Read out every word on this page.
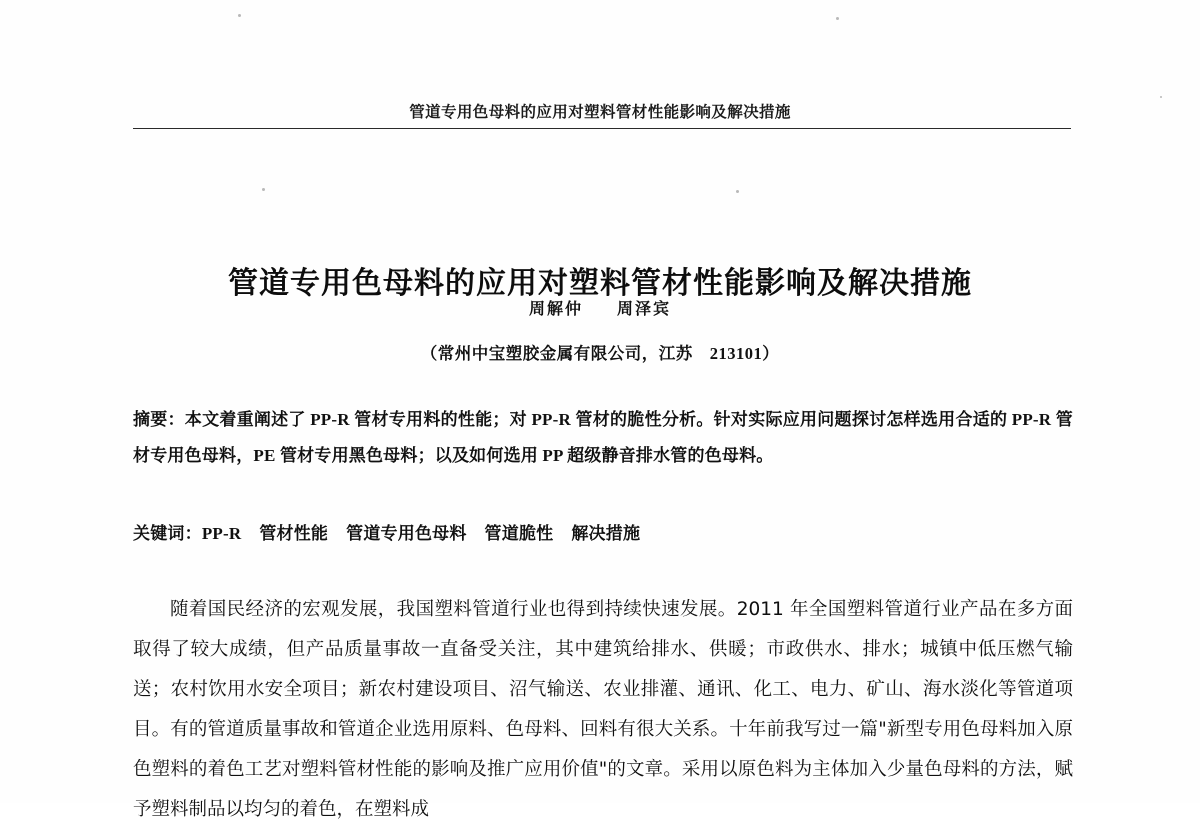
管道专用色母料的应用对塑料管材性能影响及解决措施
管道专用色母料的应用对塑料管材性能影响及解决措施
周解仲 周泽宾
（常州中宝塑胶金属有限公司，江苏　213101）
摘要：本文着重阐述了 PP-R 管材专用料的性能；对 PP-R 管材的脆性分析。针对实际应用问题探讨怎样选用合适的 PP-R 管材专用色母料，PE 管材专用黑色母料；以及如何选用 PP 超级静音排水管的色母料。
关键词：PP-R 管材性能 管道专用色母料 管道脆性 解决措施

随着国民经济的宏观发展，我国塑料管道行业也得到持续快速发展。2011 年全国塑料管道行业产品在多方面取得了较大成绩，但产品质量事故一直备受关注，其中建筑给排水、供暖；市政供水、排水；城镇中低压燃气输送；农村饮用水安全项目；新农村建设项目、沼气输送、农业排灌、通讯、化工、电力、矿山、海水淡化等管道项目。有的管道质量事故和管道企业选用原料、色母料、回料有很大关系。十年前我写过一篇"新型专用色母料加入原色塑料的着色工艺对塑料管材性能的影响及推广应用价值"的文章。采用以原色料为主体加入少量色母料的方法，赋予塑料制品以均匀的着色，在塑料成
